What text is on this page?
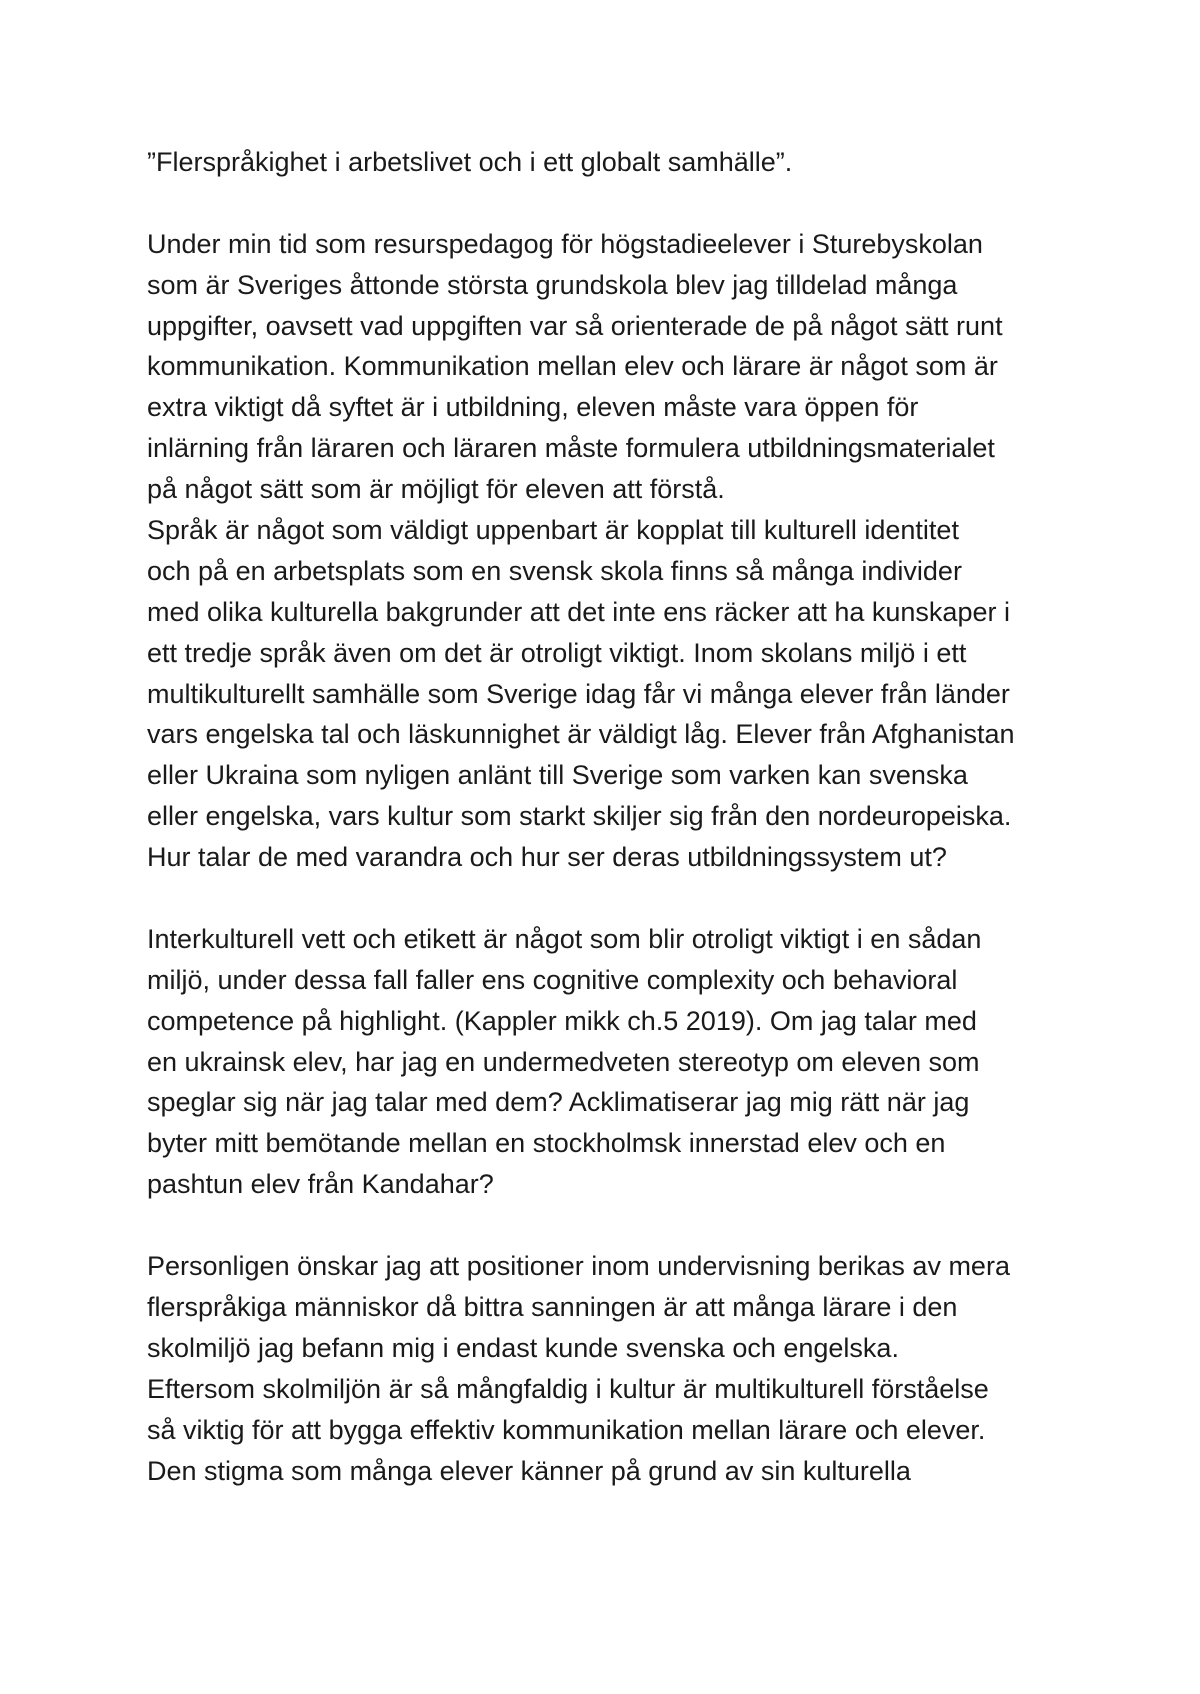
”Flerspråkighet i arbetslivet och i ett globalt samhälle”.
Under min tid som resurspedagog för högstadieelever i Sturebyskolan
som är Sveriges åttonde största grundskola blev jag tilldelad många
uppgifter, oavsett vad uppgiften var så orienterade de på något sätt runt
kommunikation. Kommunikation mellan elev och lärare är något som är
extra viktigt då syftet är i utbildning, eleven måste vara öppen för
inlärning från läraren och läraren måste formulera utbildningsmaterialet
på något sätt som är möjligt för eleven att förstå.
Språk är något som väldigt uppenbart är kopplat till kulturell identitet
och på en arbetsplats som en svensk skola finns så många individer
med olika kulturella bakgrunder att det inte ens räcker att ha kunskaper i
ett tredje språk även om det är otroligt viktigt. Inom skolans miljö i ett
multikulturellt samhälle som Sverige idag får vi många elever från länder
vars engelska tal och läskunnighet är väldigt låg. Elever från Afghanistan
eller Ukraina som nyligen anlänt till Sverige som varken kan svenska
eller engelska, vars kultur som starkt skiljer sig från den nordeuropeiska.
Hur talar de med varandra och hur ser deras utbildningssystem ut?
Interkulturell vett och etikett är något som blir otroligt viktigt i en sådan
miljö, under dessa fall faller ens cognitive complexity och behavioral
competence på highlight. (Kappler mikk ch.5 2019). Om jag talar med
en ukrainsk elev, har jag en undermedveten stereotyp om eleven som
speglar sig när jag talar med dem? Acklimatiserar jag mig rätt när jag
byter mitt bemötande mellan en stockholmsk innerstad elev och en
pashtun elev från Kandahar?
Personligen önskar jag att positioner inom undervisning berikas av mera
flerspråkiga människor då bittra sanningen är att många lärare i den
skolmiljö jag befann mig i endast kunde svenska och engelska.
Eftersom skolmiljön är så mångfaldig i kultur är multikulturell förståelse
så viktig för att bygga effektiv kommunikation mellan lärare och elever.
Den stigma som många elever känner på grund av sin kulturella
